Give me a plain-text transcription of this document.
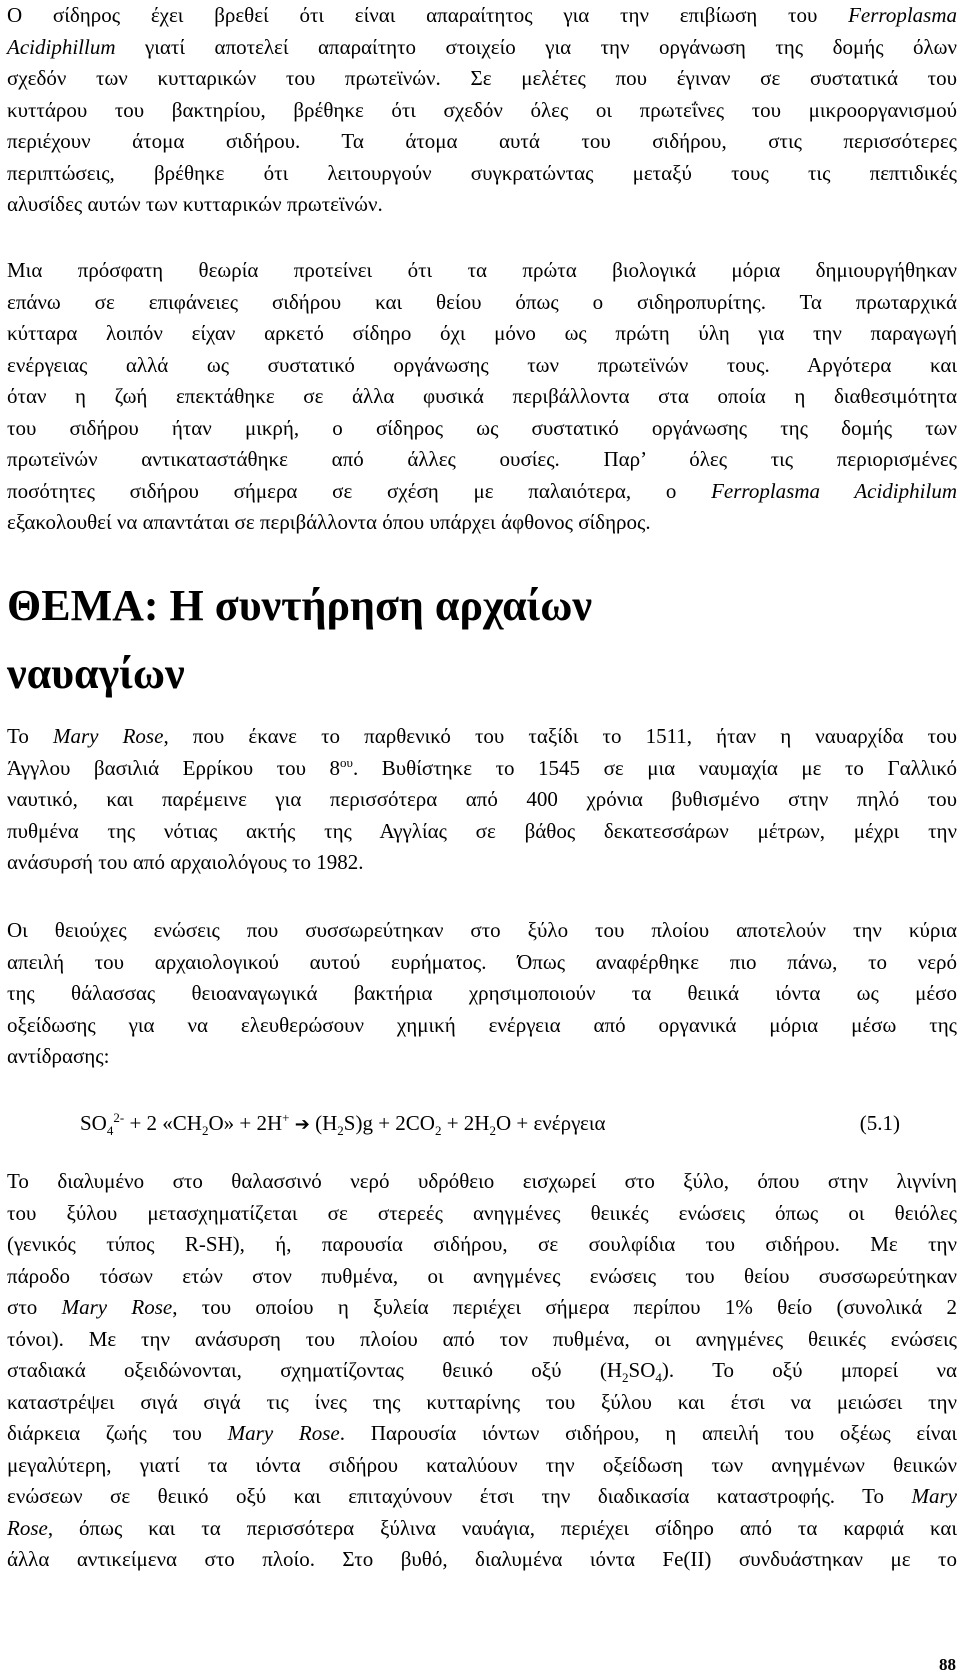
Ο σίδηρος έχει βρεθεί ότι είναι απαραίτητος για την επιβίωση του Ferroplasma
Acidiphillum γιατί αποτελεί απαραίτητο στοιχείο για την οργάνωση της δομής όλων
σχεδόν των κυτταρικών του πρωτεϊνών. Σε μελέτες που έγιναν σε συστατικά του
κυττάρου του βακτηρίου, βρέθηκε ότι σχεδόν όλες οι πρωτεΐνες του μικροοργανισμού
περιέχουν άτομα σιδήρου. Τα άτομα αυτά του σιδήρου, στις περισσότερες
περιπτώσεις, βρέθηκε ότι λειτουργούν συγκρατώντας μεταξύ τους τις πεπτιδικές
αλυσίδες αυτών των κυτταρικών πρωτεϊνών.
Μια πρόσφατη θεωρία προτείνει ότι τα πρώτα βιολογικά μόρια δημιουργήθηκαν
επάνω σε επιφάνειες σιδήρου και θείου όπως ο σιδηροπυρίτης. Τα πρωταρχικά
κύτταρα λοιπόν είχαν αρκετό σίδηρο όχι μόνο ως πρώτη ύλη για την παραγωγή
ενέργειας αλλά ως συστατικό οργάνωσης των πρωτεϊνών τους. Αργότερα και
όταν η ζωή επεκτάθηκε σε άλλα φυσικά περιβάλλοντα στα οποία η διαθεσιμότητα
του σιδήρου ήταν μικρή, ο σίδηρος ως συστατικό οργάνωσης της δομής των
πρωτεϊνών αντικαταστάθηκε από άλλες ουσίες. Παρ’ όλες τις περιορισμένες
ποσότητες σιδήρου σήμερα σε σχέση με παλαιότερα, ο Ferroplasma Acidiphilum
εξακολουθεί να απαντάται σε περιβάλλοντα όπου υπάρχει άφθονος σίδηρος.
ΘΕΜΑ: Η συντήρηση αρχαίων
ναυαγίων
Το Mary Rose, που έκανε το παρθενικό του ταξίδι το 1511, ήταν η ναυαρχίδα του
Άγγλου βασιλιά Ερρίκου του $8^{o\upsilon}$. Βυθίστηκε το 1545 σε μια ναυμαχία με το Γαλλικό
ναυτικό, και παρέμεινε για περισσότερα από 400 χρόνια βυθισμένο στην πηλό του
πυθμένα της νότιας ακτής της Αγγλίας σε βάθος δεκατεσσάρων μέτρων, μέχρι την
ανάσυρσή του από αρχαιολόγους το 1982.
Οι θειούχες ενώσεις που συσσωρεύτηκαν στο ξύλο του πλοίου αποτελούν την κύρια
απειλή του αρχαιολογικού αυτού ευρήματος. Όπως αναφέρθηκε πιο πάνω, το νερό
της θάλασσας θειοαναγωγικά βακτήρια χρησιμοποιούν τα θειικά ιόντα ως μέσο
οξείδωσης για να ελευθερώσουν χημική ενέργεια από οργανικά μόρια μέσω της
αντίδρασης:
$SO_4^{2-} + 2$ «$CH_2O$» + 2H+ ➔ $(H_2S)g + 2CO_2 + 2H_2O + \varepsilon\nu έ\rho\gamma\varepsilon\iota\alpha$	(5.1)
Το διαλυμένο στο θαλασσινό νερό υδρόθειο εισχωρεί στο ξύλο, όπου στην λιγνίνη
του ξύλου μετασχηματίζεται σε στερεές ανηγμένες θειικές ενώσεις όπως οι θειόλες
(γενικός τύπος R-SH), ή, παρουσία σιδήρου, σε σουλφίδια του σιδήρου. Με την
πάροδο τόσων ετών στον πυθμένα, οι ανηγμένες ενώσεις του θείου συσσωρεύτηκαν
στο Mary Rose, του οποίου η ξυλεία περιέχει σήμερα περίπου 1% θείο (συνολικά 2
τόνοι). Με την ανάσυρση του πλοίου από τον πυθμένα, οι ανηγμένες θειικές ενώσεις
σταδιακά οξειδώνονται, σχηματίζοντας θειικό οξύ $(H_2SO_4)$. Το οξύ μπορεί να
καταστρέψει σιγά σιγά τις ίνες της κυτταρίνης του ξύλου και έτσι να μειώσει την
διάρκεια ζωής του Mary Rose. Παρουσία ιόντων σιδήρου, η απειλή του οξέως είναι
μεγαλύτερη, γιατί τα ιόντα σιδήρου καταλύουν την οξείδωση των ανηγμένων θειικών
ενώσεων σε θειικό οξύ και επιταχύνουν έτσι την διαδικασία καταστροφής. Το Mary
Rose, όπως και τα περισσότερα ξύλινα ναυάγια, περιέχει σίδηρο από τα καρφιά και
άλλα αντικείμενα στο πλοίο. Στο βυθό, διαλυμένα ιόντα Fe(II) συνδυάστηκαν με το
88
